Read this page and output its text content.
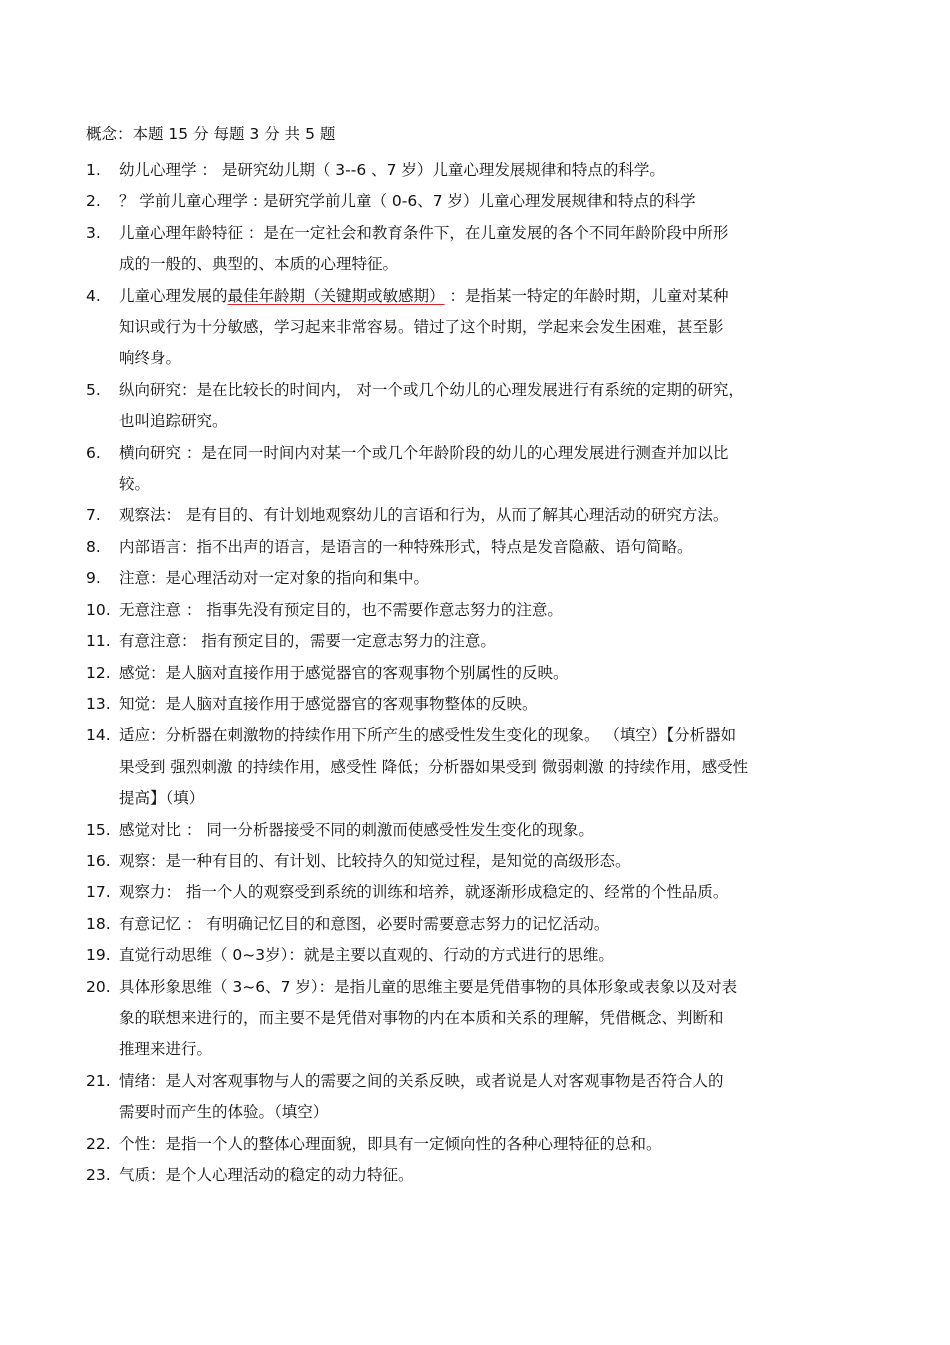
概念：本题 15 分 每题 3 分 共 5 题
1. 幼儿心理学 ： 是研究幼儿期（ 3--6 、7 岁）儿童心理发展规律和特点的科学。
2. ？ 学前儿童心理学 : 是研究学前儿童（ 0-6、7 岁）儿童心理发展规律和特点的科学
3. 儿童心理年龄特征 ：是在一定社会和教育条件下，在儿童发展的各个不同年龄阶段中所形
成的一般的、典型的、本质的心理特征。
4. 儿童心理发展的最佳年龄期（关键期或敏感期） ：是指某一特定的年龄时期，儿童对某种
知识或行为十分敏感，学习起来非常容易。错过了这个时期，学起来会发生困难，甚至影
响终身。
5. 纵向研究：是在比较长的时间内， 对一个或几个幼儿的心理发展进行有系统的定期的研究，
也叫追踪研究。
6. 横向研究 ：是在同一时间内对某一个或几个年龄阶段的幼儿的心理发展进行测查并加以比
较。
7. 观察法： 是有目的、有计划地观察幼儿的言语和行为，从而了解其心理活动的研究方法。
8. 内部语言：指不出声的语言，是语言的一种特殊形式，特点是发音隐蔽、语句简略。
9. 注意：是心理活动对一定对象的指向和集中。
10. 无意注意 ： 指事先没有预定目的，也不需要作意志努力的注意。
11. 有意注意： 指有预定目的，需要一定意志努力的注意。
12. 感觉：是人脑对直接作用于感觉器官的客观事物个别属性的反映。
13. 知觉：是人脑对直接作用于感觉器官的客观事物整体的反映。
14. 适应：分析器在刺激物的持续作用下所产生的感受性发生变化的现象。 （填空）【分析器如
果受到 强烈刺激 的持续作用，感受性 降低；分析器如果受到 微弱刺激 的持续作用，感受性
提高】（填）
15. 感觉对比 ： 同一分析器接受不同的刺激而使感受性发生变化的现象。
16. 观察：是一种有目的、有计划、比较持久的知觉过程，是知觉的高级形态。
17. 观察力： 指一个人的观察受到系统的训练和培养，就逐渐形成稳定的、经常的个性品质。
18. 有意记忆 ： 有明确记忆目的和意图，必要时需要意志努力的记忆活动。
19. 直觉行动思维（ 0~3岁）：就是主要以直观的、行动的方式进行的思维。
20. 具体形象思维（ 3~6、7 岁）：是指儿童的思维主要是凭借事物的具体形象或表象以及对表
象的联想来进行的，而主要不是凭借对事物的内在本质和关系的理解，凭借概念、判断和
推理来进行。
21. 情绪：是人对客观事物与人的需要之间的关系反映，或者说是人对客观事物是否符合人的
需要时而产生的体验。（填空）
22. 个性：是指一个人的整体心理面貌，即具有一定倾向性的各种心理特征的总和。
23. 气质：是个人心理活动的稳定的动力特征。
